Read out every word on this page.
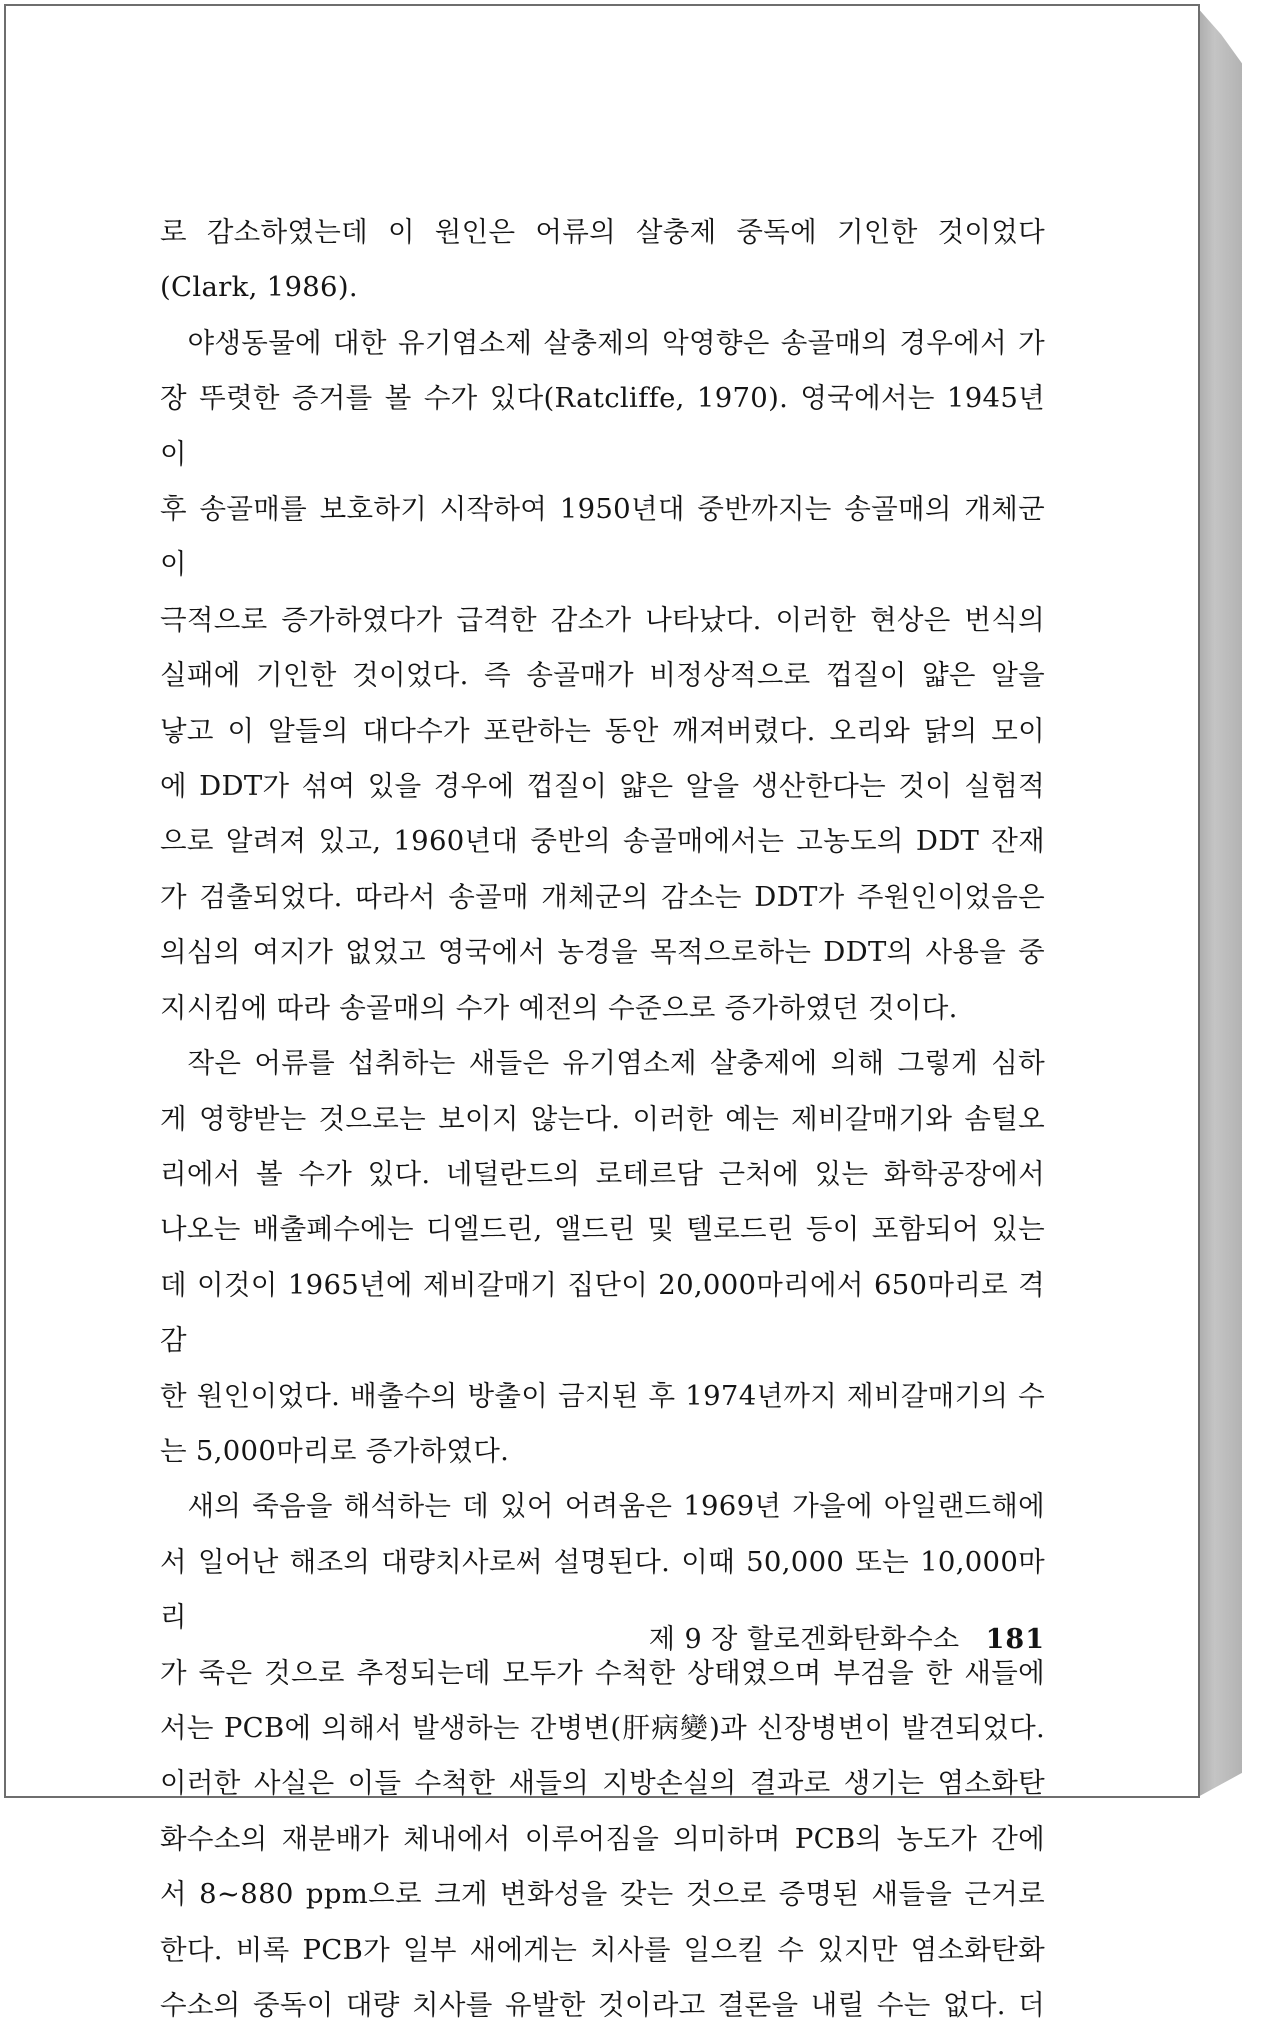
로 감소하였는데 이 원인은 어류의 살충제 중독에 기인한 것이었다
(Clark, 1986).

야생동물에 대한 유기염소제 살충제의 악영향은 송골매의 경우에서 가
장 뚜렷한 증거를 볼 수가 있다(Ratcliffe, 1970). 영국에서는 1945년 이
후 송골매를 보호하기 시작하여 1950년대 중반까지는 송골매의 개체군이
극적으로 증가하였다가 급격한 감소가 나타났다. 이러한 현상은 번식의
실패에 기인한 것이었다. 즉 송골매가 비정상적으로 껍질이 얇은 알을
낳고 이 알들의 대다수가 포란하는 동안 깨져버렸다. 오리와 닭의 모이
에 DDT가 섞여 있을 경우에 껍질이 얇은 알을 생산한다는 것이 실험적
으로 알려져 있고, 1960년대 중반의 송골매에서는 고농도의 DDT 잔재
가 검출되었다. 따라서 송골매 개체군의 감소는 DDT가 주원인이었음은
의심의 여지가 없었고 영국에서 농경을 목적으로하는 DDT의 사용을 중
지시킴에 따라 송골매의 수가 예전의 수준으로 증가하였던 것이다.

작은 어류를 섭취하는 새들은 유기염소제 살충제에 의해 그렇게 심하
게 영향받는 것으로는 보이지 않는다. 이러한 예는 제비갈매기와 솜털오
리에서 볼 수가 있다. 네덜란드의 로테르담 근처에 있는 화학공장에서
나오는 배출폐수에는 디엘드린, 앨드린 및 텔로드린 등이 포함되어 있는
데 이것이 1965년에 제비갈매기 집단이 20,000마리에서 650마리로 격감
한 원인이었다. 배출수의 방출이 금지된 후 1974년까지 제비갈매기의 수
는 5,000마리로 증가하였다.

새의 죽음을 해석하는 데 있어 어려움은 1969년 가을에 아일랜드해에
서 일어난 해조의 대량치사로써 설명된다. 이때 50,000 또는 10,000마리
가 죽은 것으로 추정되는데 모두가 수척한 상태였으며 부검을 한 새들에
서는 PCB에 의해서 발생하는 간병변(肝病變)과 신장병변이 발견되었다.
이러한 사실은 이들 수척한 새들의 지방손실의 결과로 생기는 염소화탄
화수소의 재분배가 체내에서 이루어짐을 의미하며 PCB의 농도가 간에
서 8~880 ppm으로 크게 변화성을 갖는 것으로 증명된 새들을 근거로
한다. 비록 PCB가 일부 새에게는 치사를 일으킬 수 있지만 염소화탄화
수소의 중독이 대량 치사를 유발한 것이라고 결론을 내릴 수는 없다. 더

제 9 장 할로겐화탄화수소 181
